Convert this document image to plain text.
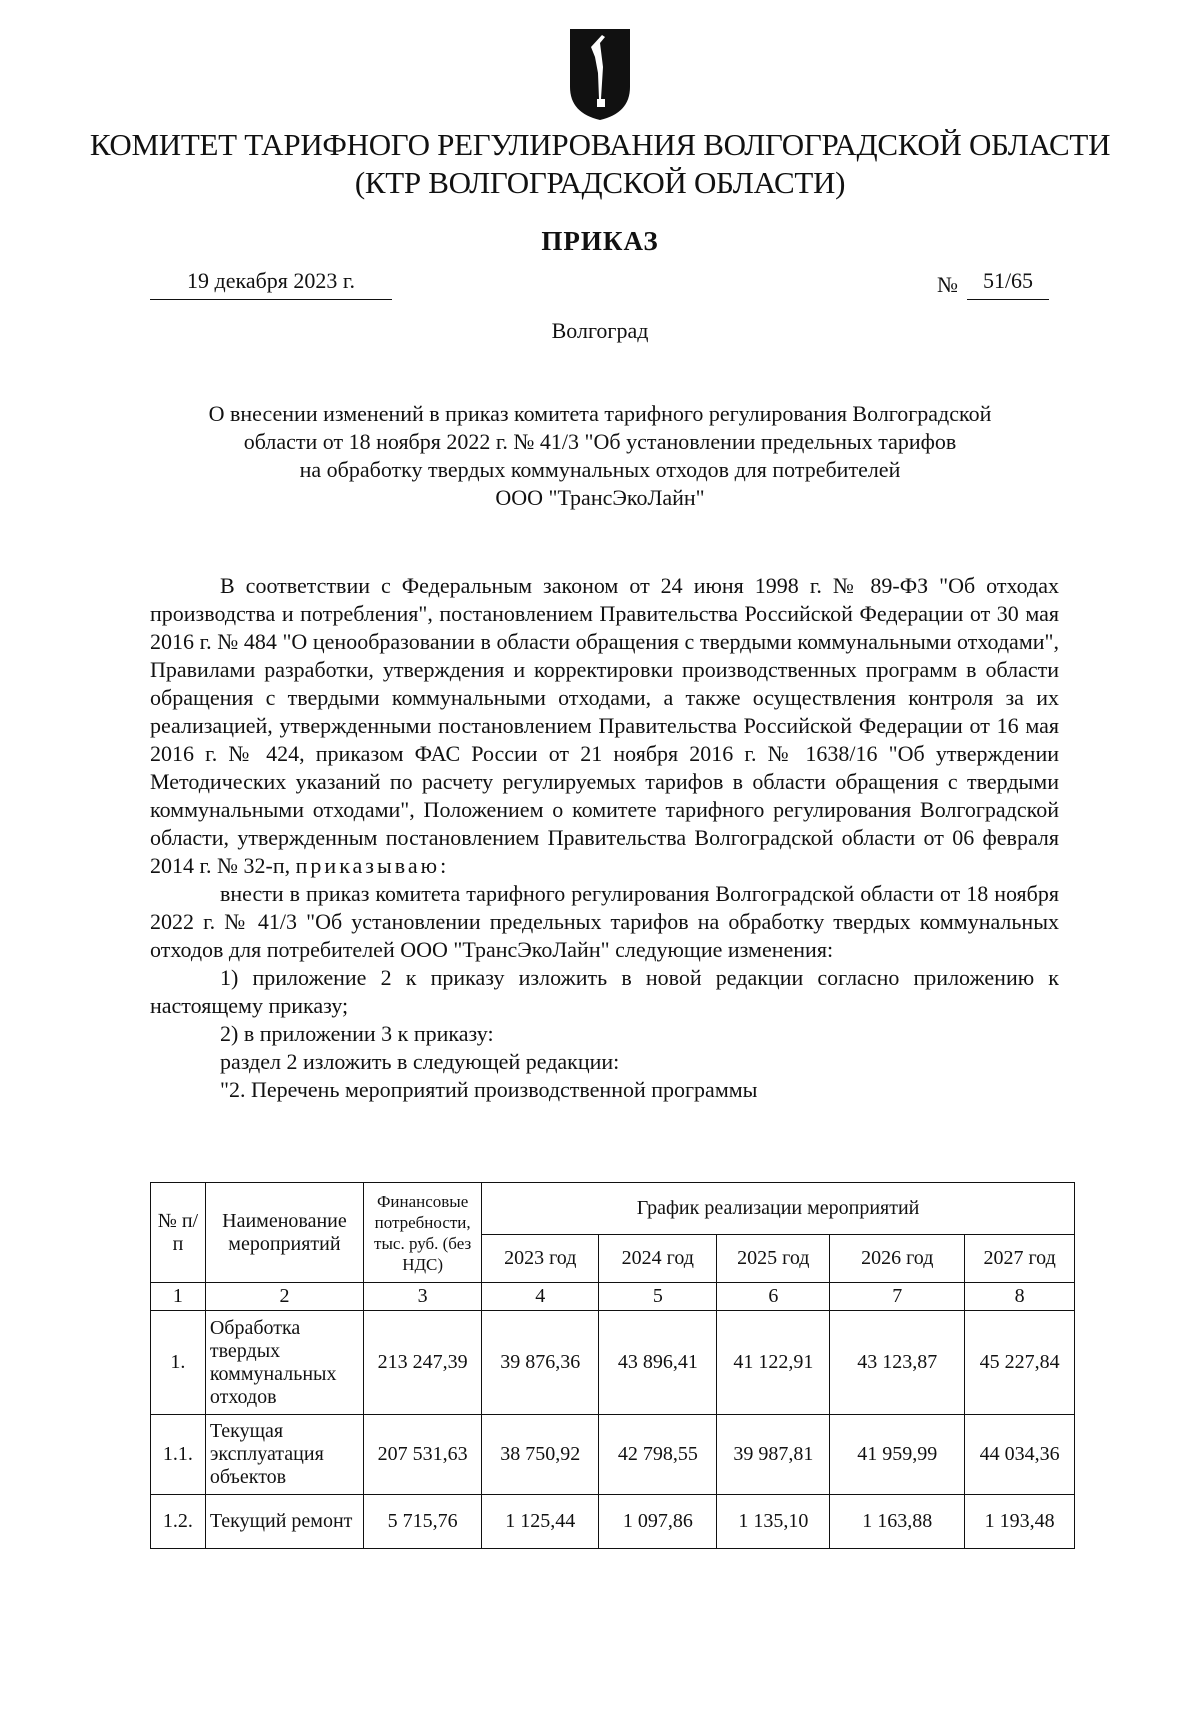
КОМИТЕТ ТАРИФНОГО РЕГУЛИРОВАНИЯ ВОЛГОГРАДСКОЙ ОБЛАСТИ
(КТР ВОЛГОГРАДСКОЙ ОБЛАСТИ)
ПРИКАЗ
19 декабря 2023 г.	№	51/65
Волгоград
О внесении изменений в приказ комитета тарифного регулирования Волгоградской
области от 18 ноября 2022 г. № 41/3 "Об установлении предельных тарифов
на обработку твердых коммунальных отходов для потребителей
ООО "ТрансЭкоЛайн"

В соответствии с Федеральным законом от 24 июня 1998 г. № 89-ФЗ "Об отходах производства и потребления", постановлением Правительства Российской Федерации от 30 мая 2016 г. № 484 "О ценообразовании в области обращения с твердыми коммунальными отходами", Правилами разработки, утверждения и корректировки производственных программ в области обращения с твердыми коммунальными отходами, а также осуществления контроля за их реализацией, утвержденными постановлением Правительства Российской Федерации от 16 мая 2016 г. № 424, приказом ФАС России от 21 ноября 2016 г. № 1638/16 "Об утверждении Методических указаний по расчету регулируемых тарифов в области обращения с твердыми коммунальными отходами", Положением о комитете тарифного регулирования Волгоградской области, утвержденным постановлением Правительства Волгоградской области от 06 февраля 2014 г. № 32-п, приказываю:

внести в приказ комитета тарифного регулирования Волгоградской области от 18 ноября 2022 г. № 41/3 "Об установлении предельных тарифов на обработку твердых коммунальных отходов для потребителей ООО "ТрансЭкоЛайн" следующие изменения:

1) приложение 2 к приказу изложить в новой редакции согласно приложению к настоящему приказу;

2) в приложении 3 к приказу:

раздел 2 изложить в следующей редакции:

"2. Перечень мероприятий производственной программы

№ п/п	Наименование мероприятий	Финансовые потребности, тыс. руб. (без НДС)	График реализации мероприятий				
			2023 год	2024 год	2025 год	2026 год	2027 год
1	2	3	4	5	6	7	8
1.	Обработка твердых коммунальных отходов	213 247,39	39 876,36	43 896,41	41 122,91	43 123,87	45 227,84
1.1.	Текущая эксплуатация объектов	207 531,63	38 750,92	42 798,55	39 987,81	41 959,99	44 034,36
1.2.	Текущий ремонт	5 715,76	1 125,44	1 097,86	1 135,10	1 163,88	1 193,48
